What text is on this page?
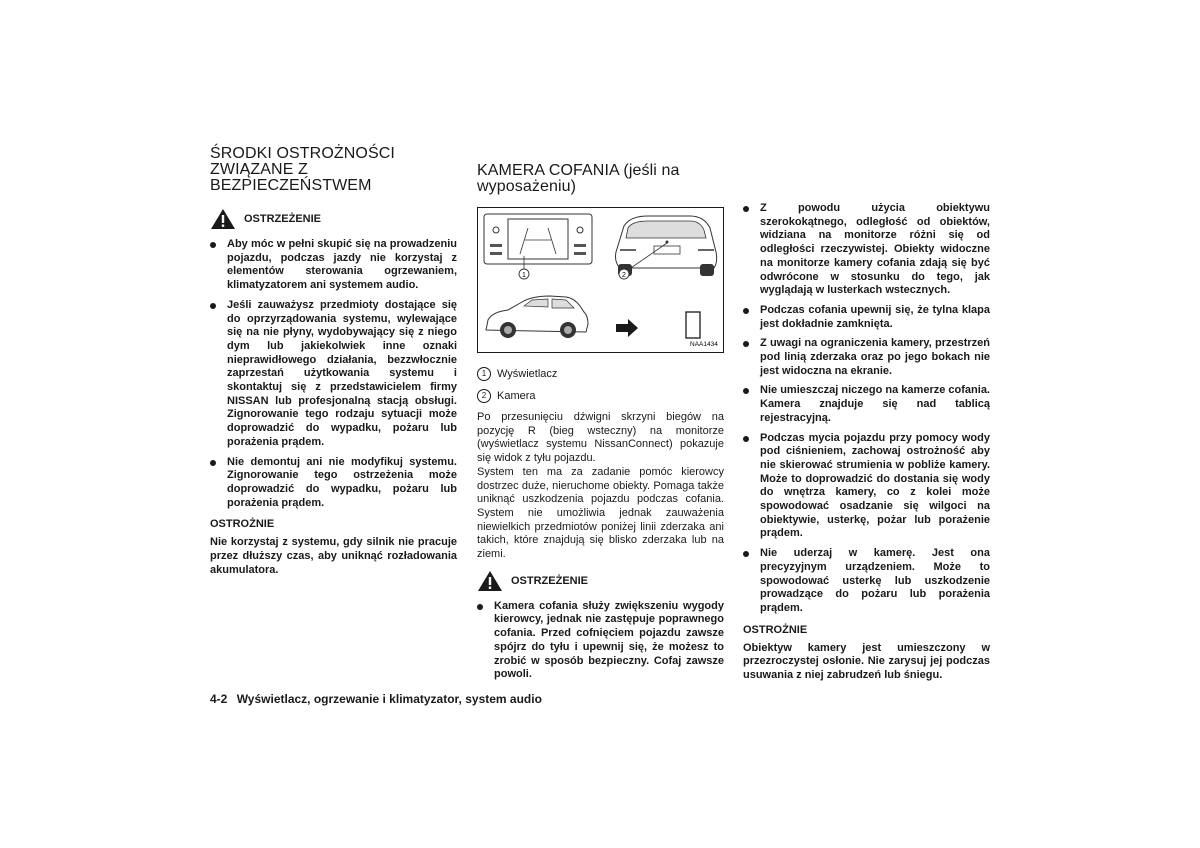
ŚRODKI OSTROŻNOŚCI
ZWIĄZANE Z
BEZPIECZEŃSTWEM
OSTRZEŻENIE
Aby móc w pełni skupić się na prowadzeniu pojazdu, podczas jazdy nie korzystaj z elementów sterowania ogrzewaniem, klimatyzatorem ani systemem audio.
Jeśli zauważysz przedmioty dostające się do oprzyrządowania systemu, wylewające się na nie płyny, wydobywający się z niego dym lub jakiekolwiek inne oznaki nieprawidłowego działania, bezzwłocznie zaprzestań użytkowania systemu i skontaktuj się z przedstawicielem firmy NISSAN lub profesjonalną stacją obsługi. Zignorowanie tego rodzaju sytuacji może doprowadzić do wypadku, pożaru lub porażenia prądem.
Nie demontuj ani nie modyfikuj systemu. Zignorowanie tego ostrzeżenia może doprowadzić do wypadku, pożaru lub porażenia prądem.
OSTROŻNIE

Nie korzystaj z systemu, gdy silnik nie pracuje przez dłuższy czas, aby uniknąć rozładowania akumulatora.

KAMERA COFANIA (jeśli na
wyposażeniu)
1	2
NAA1434
1 Wyświetlacz
2 Kamera

Po przesunięciu dźwigni skrzyni biegów na pozycję R (bieg wsteczny) na monitorze (wyświetlacz systemu NissanConnect) pokazuje się widok z tyłu pojazdu.

System ten ma za zadanie pomóc kierowcy dostrzec duże, nieruchome obiekty. Pomaga także uniknąć uszkodzenia pojazdu podczas cofania. System nie umożliwia jednak zauważenia niewielkich przedmiotów poniżej linii zderzaka ani takich, które znajdują się blisko zderzaka lub na ziemi.

OSTRZEŻENIE
Kamera cofania służy zwiększeniu wygody kierowcy, jednak nie zastępuje poprawnego cofania. Przed cofnięciem pojazdu zawsze spójrz do tyłu i upewnij się, że możesz to zrobić w sposób bezpieczny. Cofaj zawsze powoli.
Z powodu użycia obiektywu szerokokątnego, odległość od obiektów, widziana na monitorze różni się od odległości rzeczywistej. Obiekty widoczne na monitorze kamery cofania zdają się być odwrócone w stosunku do tego, jak wyglądają w lusterkach wstecznych.
Podczas cofania upewnij się, że tylna klapa jest dokładnie zamknięta.
Z uwagi na ograniczenia kamery, przestrzeń pod linią zderzaka oraz po jego bokach nie jest widoczna na ekranie.
Nie umieszczaj niczego na kamerze cofania. Kamera znajduje się nad tablicą rejestracyjną.
Podczas mycia pojazdu przy pomocy wody pod ciśnieniem, zachowaj ostrożność aby nie skierować strumienia w pobliże kamery. Może to doprowadzić do dostania się wody do wnętrza kamery, co z kolei może spowodować osadzanie się wilgoci na obiektywie, usterkę, pożar lub porażenie prądem.
Nie uderzaj w kamerę. Jest ona precyzyjnym urządzeniem. Może to spowodować usterkę lub uszkodzenie prowadzące do pożaru lub porażenia prądem.
OSTROŻNIE

Obiektyw kamery jest umieszczony w przezroczystej osłonie. Nie zarysuj jej podczas usuwania z niej zabrudzeń lub śniegu.

4-2 Wyświetlacz, ogrzewanie i klimatyzator, system audio
